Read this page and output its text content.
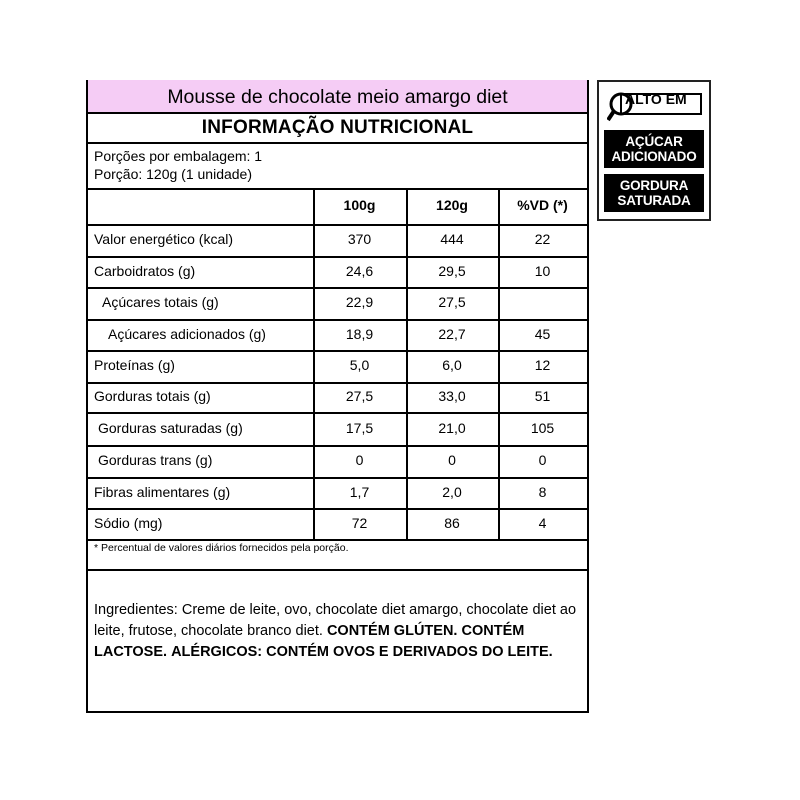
Mousse de chocolate meio amargo diet
INFORMAÇÃO NUTRICIONAL
Porções por embalagem: 1
Porção: 120g (1 unidade)
* Percentual de valores diários fornecidos pela porção.
Ingredientes: Creme de leite, ovo, chocolate diet amargo, chocolate diet ao leite, frutose, chocolate branco diet. CONTÉM GLÚTEN. CONTÉM LACTOSE. ALÉRGICOS: CONTÉM OVOS E DERIVADOS DO LEITE.
100g	120g	%VD (*)
Valor energético (kcal)	370	444	22
Carboidratos (g)	24,6	29,5	10
Açúcares totais (g)	22,9	27,5
Açúcares adicionados (g)	18,9	22,7	45
Proteínas (g)	5,0	6,0	12
Gorduras totais (g)	27,5	33,0	51
Gorduras saturadas (g)	17,5	21,0	105
Gorduras trans (g)	0	0	0
Fibras alimentares (g)	1,7	2,0	8
Sódio (mg)	72	86	4
ALTO EM
AÇÚCAR
ADICIONADO
GORDURA
SATURADA
